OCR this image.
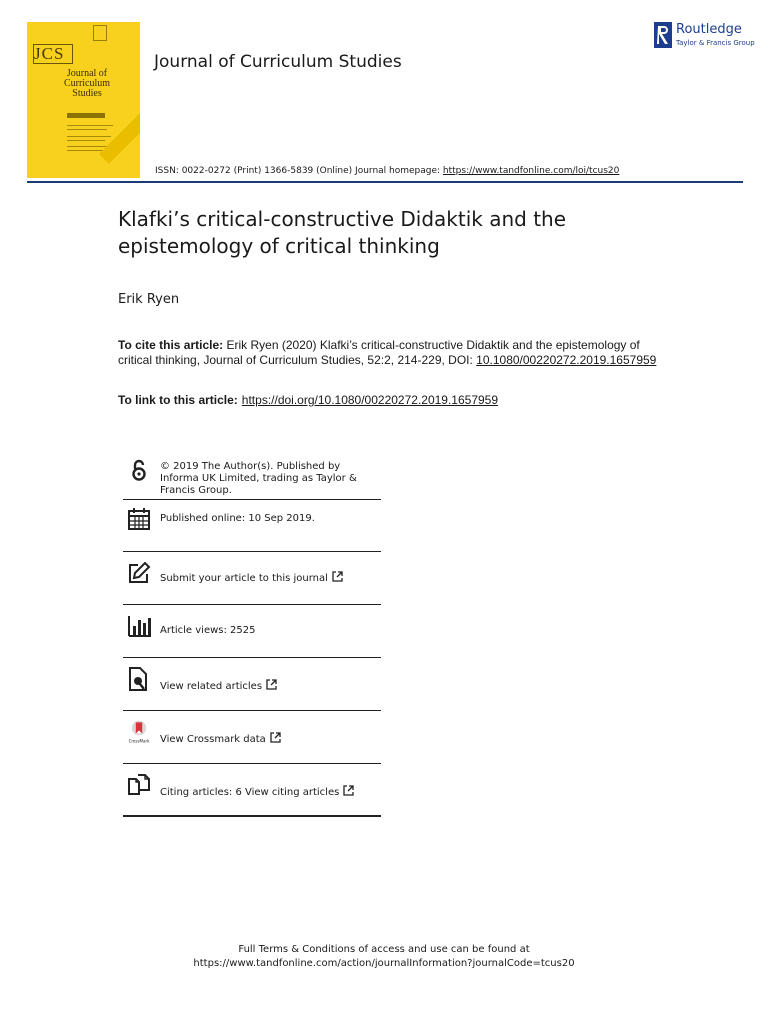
JCS
Journal of Curriculum Studies
Journal of Curriculum Studies
Routledge
Taylor & Francis Group
ISSN: 0022-0272 (Print) 1366-5839 (Online) Journal homepage: https://www.tandfonline.com/loi/tcus20
Klafki’s critical-constructive Didaktik and the epistemology of critical thinking
Erik Ryen
To cite this article: Erik Ryen (2020) Klafki’s critical-constructive Didaktik and the epistemology of critical thinking, Journal of Curriculum Studies, 52:2, 214-229, DOI: 10.1080/00220272.2019.1657959
To link to this article: https://doi.org/10.1080/00220272.2019.1657959
© 2019 The Author(s). Published by Informa UK Limited, trading as Taylor & Francis Group.
Published online: 10 Sep 2019.
Submit your article to this journal
Article views: 2525
View related articles
CrossMark View Crossmark data
Citing articles: 6 View citing articles
Full Terms & Conditions of access and use can be found at
https://www.tandfonline.com/action/journalInformation?journalCode=tcus20
